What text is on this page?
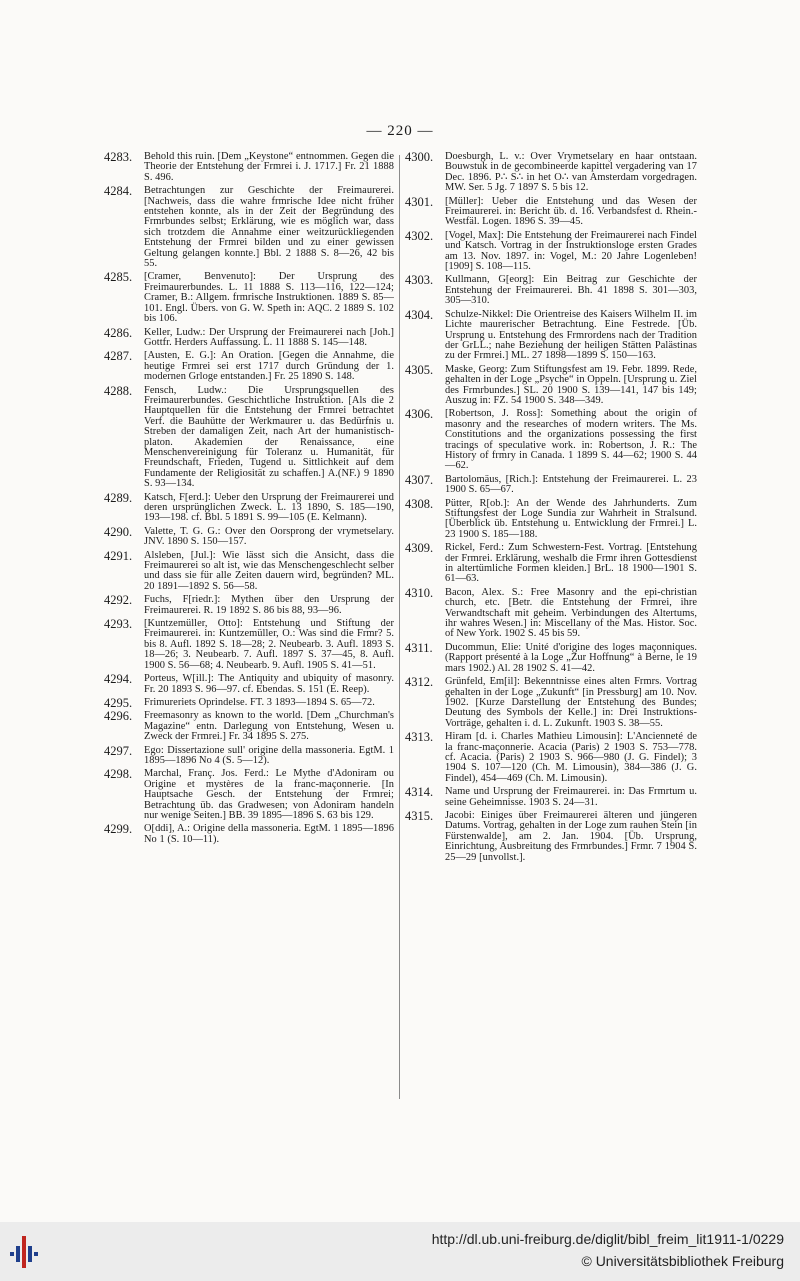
— 220 —
4283.	Behold this ruin. [Dem „Keystone“ entnommen. Gegen die Theorie der Entstehung der Frmrei i. J. 1717.] Fr. 21 1888 S. 496.
4284.	Betrachtungen zur Geschichte der Freimaurerei. [Nachweis, dass die wahre frmrische Idee nicht früher entstehen konnte, als in der Zeit der Begründung des Frmrbundes selbst; Erklärung, wie es möglich war, dass sich trotzdem die Annahme einer weitzurückliegenden Entstehung der Frmrei bilden und zu einer gewissen Geltung gelangen konnte.] Bbl. 2 1888 S. 8—26, 42 bis 55.
4285.	[Cramer, Benvenuto]: Der Ursprung des Freimaurerbundes. L. 11 1888 S. 113—116, 122—124; Cramer, B.: Allgem. frmrische Instruktionen. 1889 S. 85—101. Engl. Übers. von G. W. Speth in: AQC. 2 1889 S. 102 bis 106.
4286.	Keller, Ludw.: Der Ursprung der Freimaurerei nach [Joh.] Gottfr. Herders Auffassung. L. 11 1888 S. 145—148.
4287.	[Austen, E. G.]: An Oration. [Gegen die Annahme, die heutige Frmrei sei erst 1717 durch Gründung der 1. modernen Grloge entstanden.] Fr. 25 1890 S. 148.
4288.	Fensch, Ludw.: Die Ursprungsquellen des Freimaurerbundes. Geschichtliche Instruktion. [Als die 2 Hauptquellen für die Entstehung der Frmrei betrachtet Verf. die Bauhütte der Werkmaurer u. das Bedürfnis u. Streben der damaligen Zeit, nach Art der humanistisch-platon. Akademien der Renaissance, eine Menschenvereinigung für Toleranz u. Humanität, für Freundschaft, Frieden, Tugend u. Sittlichkeit auf dem Fundamente der Religiosität zu schaffen.] A.(NF.) 9 1890 S. 93—134.
4289.	Katsch, F[erd.]: Ueber den Ursprung der Freimaurerei und deren ursprünglichen Zweck. L. 13 1890, S. 185—190, 193—198. cf. Bbl. 5 1891 S. 99—105 (E. Kelmann).
4290.	Valette, T. G. G.: Over den Oorsprong der vrymetselary. JNV. 1890 S. 150—157.
4291.	Alsleben, [Jul.]: Wie lässt sich die Ansicht, dass die Freimaurerei so alt ist, wie das Menschengeschlecht selber und dass sie für alle Zeiten dauern wird, begründen? ML. 20 1891—1892 S. 56—58.
4292.	Fuchs, F[riedr.]: Mythen über den Ursprung der Freimaurerei. R. 19 1892 S. 86 bis 88, 93—96.
4293.	[Kuntzemüller, Otto]: Entstehung und Stiftung der Freimaurerei. in: Kuntzemüller, O.: Was sind die Frmr? 5. bis 8. Aufl. 1892 S. 18—28; 2. Neubearb. 3. Aufl. 1893 S. 18—26; 3. Neubearb. 7. Aufl. 1897 S. 37—45, 8. Aufl. 1900 S. 56—68; 4. Neubearb. 9. Aufl. 1905 S. 41—51.
4294.	Porteus, W[ill.]: The Antiquity and ubiquity of masonry. Fr. 20 1893 S. 96—97. cf. Ebendas. S. 151 (E. Reep).
4295.	Frimureriets Oprindelse. FT. 3 1893—1894 S. 65—72.
4296.	Freemasonry as known to the world. [Dem „Churchman's Magazine“ entn. Darlegung von Entstehung, Wesen u. Zweck der Frmrei.] Fr. 34 1895 S. 275.
4297.	Ego: Dissertazione sull' origine della massoneria. EgtM. 1 1895—1896 No 4 (S. 5—12).
4298.	Marchal, Franç. Jos. Ferd.: Le Mythe d'Adoniram ou Origine et mystères de la franc-maçonnerie. [In Hauptsache Gesch. der Entstehung der Frmrei; Betrachtung üb. das Gradwesen; von Adoniram handeln nur wenige Seiten.] BB. 39 1895—1896 S. 63 bis 129.
4299.	O[ddi], A.: Origine della massoneria. EgtM. 1 1895—1896 No 1 (S. 10—11).
4300.	Doesburgh, L. v.: Over Vrymetselary en haar ontstaan. Bouwstuk in de gecombineerde kapittel vergadering van 17 Dec. 1896. P∴ S∴ in het O∴ van Amsterdam vorgedragen. MW. Ser. 5 Jg. 7 1897 S. 5 bis 12.
4301.	[Müller]: Ueber die Entstehung und das Wesen der Freimaurerei. in: Bericht üb. d. 16. Verbandsfest d. Rhein.-Westfäl. Logen. 1896 S. 39—45.
4302.	[Vogel, Max]: Die Entstehung der Freimaurerei nach Findel und Katsch. Vortrag in der Instruktionsloge ersten Grades am 13. Nov. 1897. in: Vogel, M.: 20 Jahre Logenleben! [1909] S. 108—115.
4303.	Kullmann, G[eorg]: Ein Beitrag zur Geschichte der Entstehung der Freimaurerei. Bh. 41 1898 S. 301—303, 305—310.
4304.	Schulze-Nikkel: Die Orientreise des Kaisers Wilhelm II. im Lichte maurerischer Betrachtung. Eine Festrede. [Üb. Ursprung u. Entstehung des Frmrordens nach der Tradition der GrLL.; nahe Beziehung der heiligen Stätten Palästinas zu der Frmrei.] ML. 27 1898—1899 S. 150—163.
4305.	Maske, Georg: Zum Stiftungsfest am 19. Febr. 1899. Rede, gehalten in der Loge „Psyche“ in Oppeln. [Ursprung u. Ziel des Frmrbundes.] SL. 20 1900 S. 139—141, 147 bis 149; Auszug in: FZ. 54 1900 S. 348—349.
4306.	[Robertson, J. Ross]: Something about the origin of masonry and the researches of modern writers. The Ms. Constitutions and the organizations possessing the first tracings of speculative work. in: Robertson, J. R.: The History of frmry in Canada. 1 1899 S. 44—62; 1900 S. 44—62.
4307.	Bartolomäus, [Rich.]: Entstehung der Freimaurerei. L. 23 1900 S. 65—67.
4308.	Pütter, R[ob.]: An der Wende des Jahrhunderts. Zum Stiftungsfest der Loge Sundia zur Wahrheit in Stralsund. [Überblick üb. Entstehung u. Entwicklung der Frmrei.] L. 23 1900 S. 185—188.
4309.	Rickel, Ferd.: Zum Schwestern-Fest. Vortrag. [Entstehung der Frmrei. Erklärung, weshalb die Frmr ihren Gottesdienst in altertümliche Formen kleiden.] BrL. 18 1900—1901 S. 61—63.
4310.	Bacon, Alex. S.: Free Masonry and the epi-christian church, etc. [Betr. die Entstehung der Frmrei, ihre Verwandtschaft mit geheim. Verbindungen des Altertums, ihr wahres Wesen.] in: Miscellany of the Mas. Histor. Soc. of New York. 1902 S. 45 bis 59.
4311.	Ducommun, Elie: Unité d'origine des loges maçonniques. (Rapport présenté à la Loge „Zur Hoffnung“ à Berne, le 19 mars 1902.) Al. 28 1902 S. 41—42.
4312.	Grünfeld, Em[il]: Bekenntnisse eines alten Frmrs. Vortrag gehalten in der Loge „Zukunft“ [in Pressburg] am 10. Nov. 1902. [Kurze Darstellung der Entstehung des Bundes; Deutung des Symbols der Kelle.] in: Drei Instruktions-Vorträge, gehalten i. d. L. Zukunft. 1903 S. 38—55.
4313.	Hiram [d. i. Charles Mathieu Limousin]: L'Ancienneté de la franc-maçonnerie. Acacia (Paris) 2 1903 S. 753—778. cf. Acacia. (Paris) 2 1903 S. 966—980 (J. G. Findel); 3 1904 S. 107—120 (Ch. M. Limousin), 384—386 (J. G. Findel), 454—469 (Ch. M. Limousin).
4314.	Name und Ursprung der Freimaurerei. in: Das Frmrtum u. seine Geheimnisse. 1903 S. 24—31.
4315.	Jacobi: Einiges über Freimaurerei älteren und jüngeren Datums. Vortrag, gehalten in der Loge zum rauhen Stein [in Fürstenwalde], am 2. Jan. 1904. [Üb. Ursprung, Einrichtung, Ausbreitung des Frmrbundes.] Frmr. 7 1904 S. 25—29 [unvollst.].
http://dl.ub.uni-freiburg.de/diglit/bibl_freim_lit1911-1/0229
© Universitätsbibliothek Freiburg
